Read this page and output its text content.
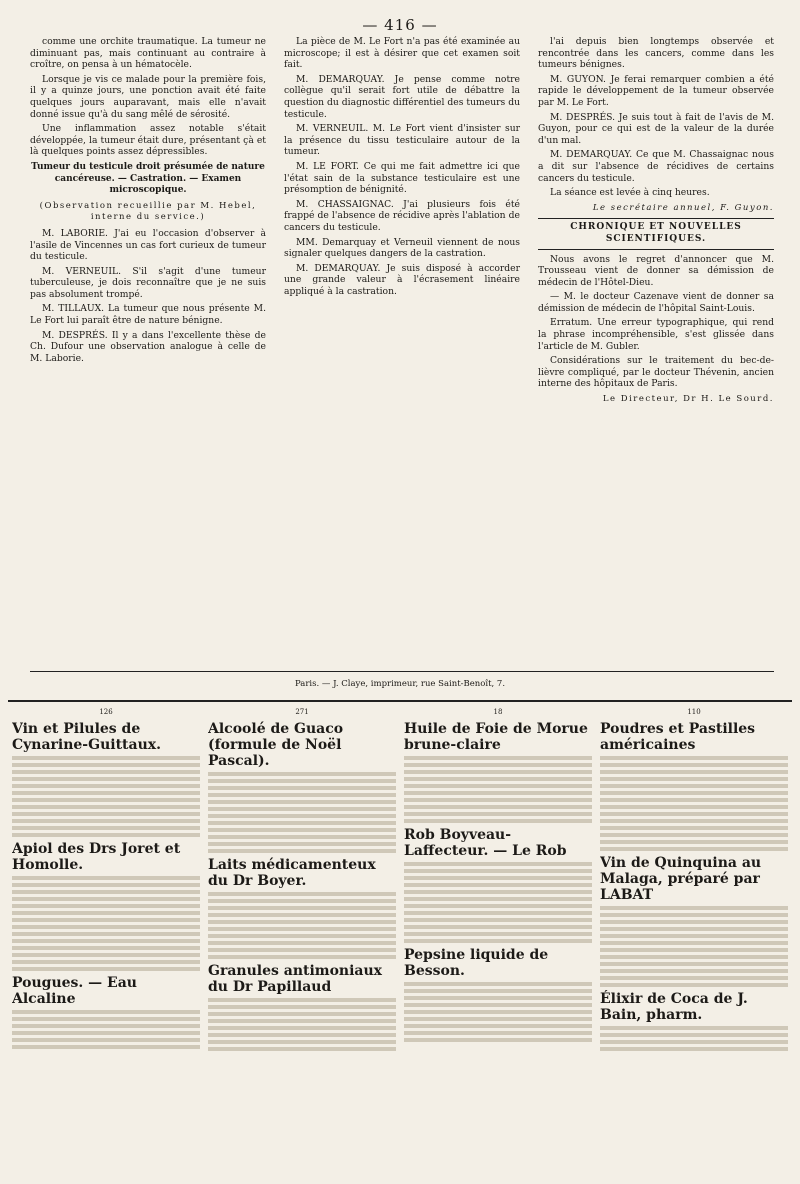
— 416 —

comme une orchite traumatique. La tumeur ne diminuant pas, mais continuant au contraire à croître, on pensa à un hématocèle.

Lorsque je vis ce malade pour la première fois, il y a quinze jours, une ponction avait été faite quelques jours auparavant, mais elle n'avait donné issue qu'à du sang mêlé de sérosité.

Une inflammation assez notable s'était développée, la tumeur était dure, présentant çà et là quelques points assez dépressibles.

Tumeur du testicule droit présumée de nature cancéreuse. — Castration. — Examen microscopique.
(Observation recueillie par M. Hebel, interne du service.)

M. LABORIE. J'ai eu l'occasion d'observer à l'asile de Vincennes un cas fort curieux de tumeur du testicule.

M. VERNEUIL. S'il s'agit d'une tumeur tuberculeuse, je dois reconnaître que je ne suis pas absolument trompé.

M. TILLAUX. La tumeur que nous présente M. Le Fort lui paraît être de nature bénigne.

M. DESPRÉS. Il y a dans l'excellente thèse de Ch. Dufour une observation analogue à celle de M. Laborie.

La pièce de M. Le Fort n'a pas été examinée au microscope; il est à désirer que cet examen soit fait.

M. DEMARQUAY. Je pense comme notre collègue qu'il serait fort utile de débattre la question du diagnostic différentiel des tumeurs du testicule.

M. VERNEUIL. M. Le Fort vient d'insister sur la présence du tissu testiculaire autour de la tumeur.

M. LE FORT. Ce qui me fait admettre ici que l'état sain de la substance testiculaire est une présomption de bénignité.

M. CHASSAIGNAC. J'ai plusieurs fois été frappé de l'absence de récidive après l'ablation de cancers du testicule.

MM. Demarquay et Verneuil viennent de nous signaler quelques dangers de la castration.

M. DEMARQUAY. Je suis disposé à accorder une grande valeur à l'écrasement linéaire appliqué à la castration.

l'ai depuis bien longtemps observée et rencontrée dans les cancers, comme dans les tumeurs bénignes.

M. GUYON. Je ferai remarquer combien a été rapide le développement de la tumeur observée par M. Le Fort.

M. DESPRÉS. Je suis tout à fait de l'avis de M. Guyon, pour ce qui est de la valeur de la durée d'un mal.

M. DEMARQUAY. Ce que M. Chassaignac nous a dit sur l'absence de récidives de certains cancers du testicule.

La séance est levée à cinq heures.

Le secrétaire annuel, F. Guyon.
CHRONIQUE ET NOUVELLES SCIENTIFIQUES.

Nous avons le regret d'annoncer que M. Trousseau vient de donner sa démission de médecin de l'Hôtel-Dieu.

— M. le docteur Cazenave vient de donner sa démission de médecin de l'hôpital Saint-Louis.

Erratum. Une erreur typographique, qui rend la phrase incompréhensible, s'est glissée dans l'article de M. Gubler.

Considérations sur le traitement du bec-de-lièvre compliqué, par le docteur Thévenin, ancien interne des hôpitaux de Paris.

Le Directeur, Dr H. Le Sourd.
Paris. — J. Claye, imprimeur, rue Saint-Benoît, 7.
126
Vin et Pilules de Cynarine-Guittaux.
Apiol des Drs Joret et Homolle.
Pougues. — Eau Alcaline
271
Alcoolé de Guaco (formule de Noël Pascal).
Laits médicamenteux du Dr Boyer.
Granules antimoniaux du Dr Papillaud
18
Huile de Foie de Morue brune-claire
Rob Boyveau-Laffecteur. — Le Rob
Pepsine liquide de Besson.
110
Poudres et Pastilles américaines
Vin de Quinquina au Malaga, préparé par LABAT
Élixir de Coca de J. Bain, pharm.
